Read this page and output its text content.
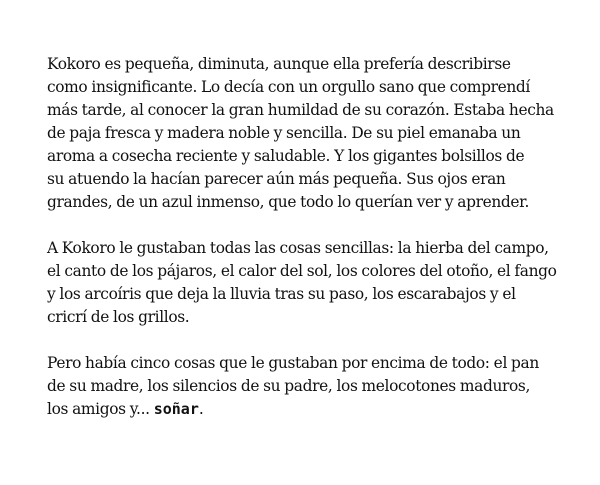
Kokoro es pequeña, diminuta, aunque ella prefería describirse
como insignificante. Lo decía con un orgullo sano que comprendí
más tarde, al conocer la gran humildad de su corazón. Estaba hecha
de paja fresca y madera noble y sencilla. De su piel emanaba un
aroma a cosecha reciente y saludable. Y los gigantes bolsillos de
su atuendo la hacían parecer aún más pequeña. Sus ojos eran
grandes, de un azul inmenso, que todo lo querían ver y aprender.
A Kokoro le gustaban todas las cosas sencillas: la hierba del campo,
el canto de los pájaros, el calor del sol, los colores del otoño, el fango
y los arcoíris que deja la lluvia tras su paso, los escarabajos y el
cricrí de los grillos.
Pero había cinco cosas que le gustaban por encima de todo: el pan
de su madre, los silencios de su padre, los melocotones maduros,
los amigos y... soñar.
